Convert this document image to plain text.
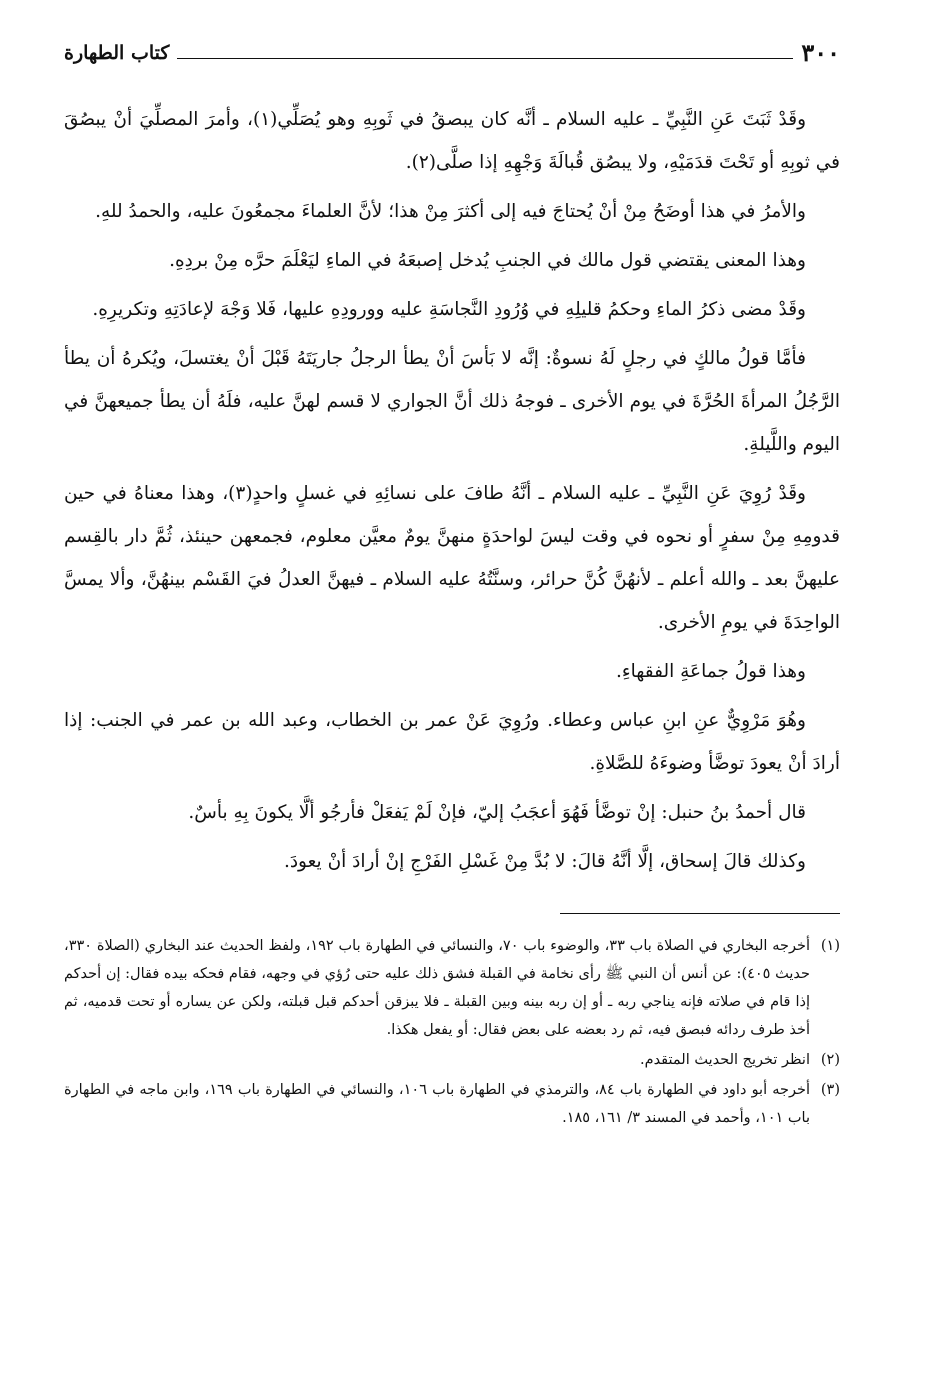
٣٠٠
كتاب الطهارة

وقَدْ ثَبَتَ عَنِ النَّبِيِّ ـ عليه السلام ـ أنَّه كان يبصقُ في ثَوبِهِ وهو يُصَلِّي(١)، وأمرَ المصلِّيَ أنْ يبصُقَ في ثوبِهِ أو تَحْتَ قدَمَيْهِ، ولا يبصُق قُبالَةَ وَجْهِهِ إذا صلَّى(٢).

والأمرُ في هذا أوضَحُ مِنْ أنْ يُحتاجَ فيه إلى أكثرَ مِنْ هذا؛ لأنَّ العلماءَ مجمعُونَ عليه، والحمدُ للهِ.

وهذا المعنى يقتضي قول مالك في الجنبِ يُدخل إصبعَهُ في الماءِ ليَعْلَمَ حرَّه مِنْ بردِهِ.

وقَدْ مضى ذكرُ الماءِ وحكمُ قليلِهِ في وُرُودِ النَّجاسَةِ عليه وورودِهِ عليها، فَلا وَجْهَ لإعادَتِهِ وتكريرِهِ.

فأمَّا قولُ مالكٍ في رجلٍ لَهُ نسوةٌ: إنَّه لا بَأسَ أنْ يطأ الرجلُ جاريَتَهُ قَبْلَ أنْ يغتسلَ، ويُكرهُ أن يطأ الرَّجُلُ المرأةَ الحُرَّةَ في يوم الأخرى ـ فوجهُ ذلك أنَّ الجواري لا قسم لهنَّ عليه، فلَهُ أن يطأ جميعهنَّ في اليوم واللَّيلةِ.

وقَدْ رُوِيَ عَنِ النَّبِيِّ ـ عليه السلام ـ أنَّهُ طافَ على نسائِهِ في غسلٍ واحدٍ(٣)، وهذا معناهُ في حين قدومِهِ مِنْ سفرٍ أو نحوه في وقت ليسَ لواحدَةٍ منهنَّ يومٌ معيَّن معلوم، فجمعهن حينئذ، ثُمَّ دار بالقِسم عليهنَّ بعد ـ والله أعلم ـ لأنهُنَّ كُنَّ حرائر، وسنَّتُهُ عليه السلام ـ فيهنَّ العدلُ فيَ القَسْم بينهُنَّ، وألا يمسَّ الواحِدَةَ في يومِ الأخرى.

وهذا قولُ جماعَةِ الفقهاءِ.

وهُوَ مَرْوِيٌّ عنِ ابنِ عباس وعطاء. ورُوِيَ عَنْ عمر بن الخطاب، وعبد الله بن عمر في الجنب: إذا أرادَ أنْ يعودَ توضَّأ وضوءَهُ للصَّلاةِ.

قال أحمدُ بنُ حنبل: إنْ توضَّأ فَهُوَ أعجَبُ إليّ، فإنْ لَمْ يَفعَلْ فأرجُو ألَّا يكونَ بِهِ بأسٌ.

وكذلك قالَ إسحاق، إلَّا أنَّهُ قالَ: لا بُدَّ مِنْ غَسْلِ الفَرْجِ إنْ أرادَ أنْ يعودَ.

(١)
أخرجه البخاري في الصلاة باب ٣٣، والوضوء باب ٧٠، والنسائي في الطهارة باب ١٩٢، ولفظ الحديث عند البخاري (الصلاة ٣٣٠، حديث ٤٠٥): عن أنس أن النبي ﷺ رأى نخامة في القبلة فشق ذلك عليه حتى رُؤي في وجهه، فقام فحكه بيده فقال: إن أحدكم إذا قام في صلاته فإنه يناجي ربه ـ أو إن ربه بينه وبين القبلة ـ فلا يبزقن أحدكم قبل قبلته، ولكن عن يساره أو تحت قدميه، ثم أخذ طرف ردائه فبصق فيه، ثم رد بعضه على بعض فقال: أو يفعل هكذا.
(٢)
انظر تخريج الحديث المتقدم.
(٣)
أخرجه أبو داود في الطهارة باب ٨٤، والترمذي في الطهارة باب ١٠٦، والنسائي في الطهارة باب ١٦٩، وابن ماجه في الطهارة باب ١٠١، وأحمد في المسند ٣/ ١٦١، ١٨٥.
